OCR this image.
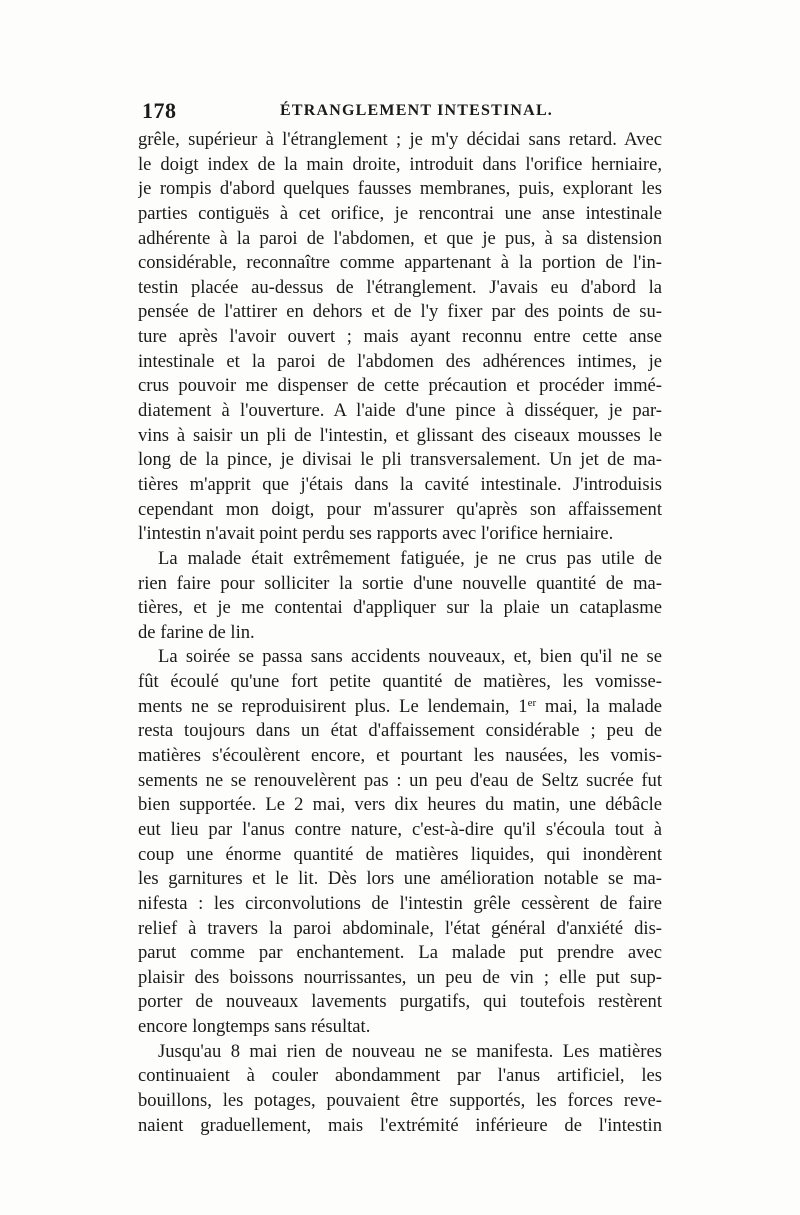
178	ÉTRANGLEMENT INTESTINAL.
grêle, supérieur à l'étranglement ; je m'y décidai sans retard. Avec
le doigt index de la main droite, introduit dans l'orifice herniaire,
je rompis d'abord quelques fausses membranes, puis, explorant les
parties contiguës à cet orifice, je rencontrai une anse intestinale
adhérente à la paroi de l'abdomen, et que je pus, à sa distension
considérable, reconnaître comme appartenant à la portion de l'in-
testin placée au-dessus de l'étranglement. J'avais eu d'abord la
pensée de l'attirer en dehors et de l'y fixer par des points de su-
ture après l'avoir ouvert ; mais ayant reconnu entre cette anse
intestinale et la paroi de l'abdomen des adhérences intimes, je
crus pouvoir me dispenser de cette précaution et procéder immé-
diatement à l'ouverture. A l'aide d'une pince à disséquer, je par-
vins à saisir un pli de l'intestin, et glissant des ciseaux mousses le
long de la pince, je divisai le pli transversalement. Un jet de ma-
tières m'apprit que j'étais dans la cavité intestinale. J'introduisis
cependant mon doigt, pour m'assurer qu'après son affaissement
l'intestin n'avait point perdu ses rapports avec l'orifice herniaire.
La malade était extrêmement fatiguée, je ne crus pas utile de
rien faire pour solliciter la sortie d'une nouvelle quantité de ma-
tières, et je me contentai d'appliquer sur la plaie un cataplasme
de farine de lin.
La soirée se passa sans accidents nouveaux, et, bien qu'il ne se
fût écoulé qu'une fort petite quantité de matières, les vomisse-
ments ne se reproduisirent plus. Le lendemain, 1er mai, la malade
resta toujours dans un état d'affaissement considérable ; peu de
matières s'écoulèrent encore, et pourtant les nausées, les vomis-
sements ne se renouvelèrent pas : un peu d'eau de Seltz sucrée fut
bien supportée. Le 2 mai, vers dix heures du matin, une débâcle
eut lieu par l'anus contre nature, c'est-à-dire qu'il s'écoula tout à
coup une énorme quantité de matières liquides, qui inondèrent
les garnitures et le lit. Dès lors une amélioration notable se ma-
nifesta : les circonvolutions de l'intestin grêle cessèrent de faire
relief à travers la paroi abdominale, l'état général d'anxiété dis-
parut comme par enchantement. La malade put prendre avec
plaisir des boissons nourrissantes, un peu de vin ; elle put sup-
porter de nouveaux lavements purgatifs, qui toutefois restèrent
encore longtemps sans résultat.
Jusqu'au 8 mai rien de nouveau ne se manifesta. Les matières
continuaient à couler abondamment par l'anus artificiel, les
bouillons, les potages, pouvaient être supportés, les forces reve-
naient graduellement, mais l'extrémité inférieure de l'intestin
